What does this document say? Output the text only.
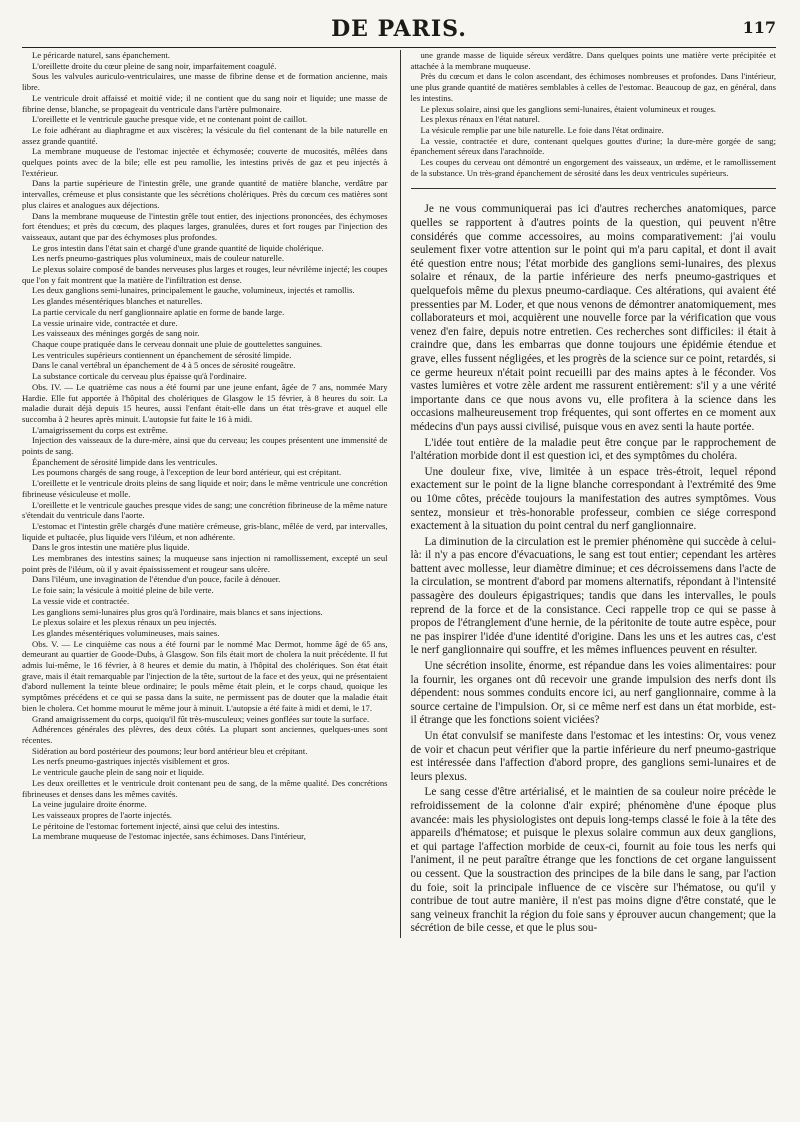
DE PARIS.	117

Le péricarde naturel, sans épanchement.

L'oreillette droite du cœur pleine de sang noir, imparfaitement coagulé.

Sous les valvules auriculo-ventriculaires, une masse de fibrine dense et de formation ancienne, mais libre.

Le ventricule droit affaissé et moitié vide; il ne contient que du sang noir et liquide; une masse de fibrine dense, blanche, se propageait du ventricule dans l'artère pulmonaire.

L'oreillette et le ventricule gauche presque vide, et ne contenant point de caillot.

Le foie adhérant au diaphragme et aux viscères; la vésicule du fiel contenant de la bile naturelle en assez grande quantité.

La membrane muqueuse de l'estomac injectée et échymosée; couverte de mucosités, mêlées dans quelques points avec de la bile; elle est peu ramollie, les intestins privés de gaz et peu injectés à l'extérieur.

Dans la partie supérieure de l'intestin grêle, une grande quantité de matière blanche, verdâtre par intervalles, crémeuse et plus consistante que les sécrétions cholériques. Près du cœcum ces matières sont plus claires et analogues aux déjections.

Dans la membrane muqueuse de l'intestin grêle tout entier, des injections prononcées, des échymoses fort étendues; et près du cœcum, des plaques larges, granulées, dures et fort rouges par l'injection des vaisseaux, autant que par des échymoses plus profondes.

Le gros intestin dans l'état sain et chargé d'une grande quantité de liquide cholérique.

Les nerfs pneumo-gastriques plus volumineux, mais de couleur naturelle.

Le plexus solaire composé de bandes nerveuses plus larges et rouges, leur névrilème injecté; les coupes que l'on y fait montrent que la matière de l'infiltration est dense.

Les deux ganglions semi-lunaires, principalement le gauche, volumineux, injectés et ramollis.

Les glandes mésentériques blanches et naturelles.

La partie cervicale du nerf ganglionnaire aplatie en forme de bande large.

La vessie urinaire vide, contractée et dure.

Les vaisseaux des méninges gorgés de sang noir.

Chaque coupe pratiquée dans le cerveau donnait une pluie de gouttelettes sanguines.

Les ventricules supérieurs contiennent un épanchement de sérosité limpide.

Dans le canal vertébral un épanchement de 4 à 5 onces de sérosité rougeâtre.

La substance corticale du cerveau plus épaisse qu'à l'ordinaire.

Obs. IV. — Le quatrième cas nous a été fourni par une jeune enfant, âgée de 7 ans, nommée Mary Hardie. Elle fut apportée à l'hôpital des cholériques de Glasgow le 15 février, à 8 heures du soir. La maladie durait déjà depuis 15 heures, aussi l'enfant était-elle dans un état très-grave et auquel elle succomba à 2 heures après minuit. L'autopsie fut faite le 16 à midi.

L'amaigrissement du corps est extrême.

Injection des vaisseaux de la dure-mère, ainsi que du cerveau; les coupes présentent une immensité de points de sang.

Épanchement de sérosité limpide dans les ventricules.

Les poumons chargés de sang rouge, à l'exception de leur bord antérieur, qui est crépitant.

L'oreillette et le ventricule droits pleins de sang liquide et noir; dans le même ventricule une concrétion fibrineuse vésiculeuse et molle.

L'oreillette et le ventricule gauches presque vides de sang; une concrétion fibrineuse de la même nature s'étendait du ventricule dans l'aorte.

L'estomac et l'intestin grêle chargés d'une matière crémeuse, gris-blanc, mêlée de verd, par intervalles, liquide et pultacée, plus liquide vers l'iléum, et non adhérente.

Dans le gros intestin une matière plus liquide.

Les membranes des intestins saines; la muqueuse sans injection ni ramollissement, excepté un seul point près de l'iléum, où il y avait épaississement et rougeur sans ulcère.

Dans l'iléum, une invagination de l'étendue d'un pouce, facile à dénouer.

Le foie sain; la vésicule à moitié pleine de bile verte.

La vessie vide et contractée.

Les ganglions semi-lunaires plus gros qu'à l'ordinaire, mais blancs et sans injections.

Le plexus solaire et les plexus rénaux un peu injectés.

Les glandes mésentériques volumineuses, mais saines.

Obs. V. — Le cinquième cas nous a été fourni par le nommé Mac Dermot, homme âgé de 65 ans, demeurant au quartier de Goode-Dubs, à Glasgow. Son fils était mort de cholera la nuit précédente. Il fut admis lui-même, le 16 février, à 8 heures et demie du matin, à l'hôpital des cholériques. Son état était grave, mais il était remarquable par l'injection de la tête, surtout de la face et des yeux, qui ne présentaient d'abord nullement la teinte bleue ordinaire; le pouls même était plein, et le corps chaud, quoique les symptômes précédens et ce qui se passa dans la suite, ne permissent pas de douter que la maladie était bien le cholera. Cet homme mourut le même jour à minuit. L'autopsie a été faite à midi et demi, le 17.

Grand amaigrissement du corps, quoiqu'il fût très-musculeux; veines gonflées sur toute la surface.

Adhérences générales des plèvres, des deux côtés. La plupart sont anciennes, quelques-unes sont récentes.

Sidération au bord postérieur des poumons; leur bord antérieur bleu et crépitant.

Les nerfs pneumo-gastriques injectés visiblement et gros.

Le ventricule gauche plein de sang noir et liquide.

Les deux oreillettes et le ventricule droit contenant peu de sang, de la même qualité. Des concrétions fibrineuses et denses dans les mêmes cavités.

La veine jugulaire droite énorme.

Les vaisseaux propres de l'aorte injectés.

Le péritoine de l'estomac fortement injecté, ainsi que celui des intestins.

La membrane muqueuse de l'estomac injectée, sans échimoses. Dans l'intérieur,

une grande masse de liquide séreux verdâtre. Dans quelques points une matière verte précipitée et attachée à la membrane muqueuse.

Près du cœcum et dans le colon ascendant, des échimoses nombreuses et profondes. Dans l'intérieur, une plus grande quantité de matières semblables à celles de l'estomac. Beaucoup de gaz, en général, dans les intestins.

Le plexus solaire, ainsi que les ganglions semi-lunaires, étaient volumineux et rouges.

Les plexus rénaux en l'état naturel.

La vésicule remplie par une bile naturelle. Le foie dans l'état ordinaire.

La vessie, contractée et dure, contenant quelques gouttes d'urine; la dure-mère gorgée de sang; épanchement séreux dans l'arachnoïde.

Les coupes du cerveau ont démontré un engorgement des vaisseaux, un œdème, et le ramollissement de la substance. Un très-grand épanchement de sérosité dans les deux ventricules supérieurs.

Je ne vous communiquerai pas ici d'autres recherches anatomiques, parce quelles se rapportent à d'autres points de la question, qui peuvent n'être considérés que comme accessoires, au moins comparativement: j'ai voulu seulement fixer votre attention sur le point qui m'a paru capital, et dont il avait été question entre nous; l'état morbide des ganglions semi-lunaires, des plexus solaire et rénaux, de la partie inférieure des nerfs pneumo-gastriques et quelquefois même du plexus pneumo-cardiaque. Ces altérations, qui avaient été pressenties par M. Loder, et que nous venons de démontrer anatomiquement, mes collaborateurs et moi, acquièrent une nouvelle force par la vérification que vous venez d'en faire, depuis notre entretien. Ces recherches sont difficiles: il était à craindre que, dans les embarras que donne toujours une épidémie étendue et grave, elles fussent négligées, et les progrès de la science sur ce point, retardés, si ce germe heureux n'était point recueilli par des mains aptes à le féconder. Vos vastes lumières et votre zèle ardent me rassurent entièrement: s'il y a une vérité importante dans ce que nous avons vu, elle profitera à la science dans les occasions malheureusement trop fréquentes, qui sont offertes en ce moment aux médecins d'un pays aussi civilisé, puisque vous en avez senti la haute portée.

L'idée tout entière de la maladie peut être conçue par le rapprochement de l'altération morbide dont il est question ici, et des symptômes du choléra.

Une douleur fixe, vive, limitée à un espace très-étroit, lequel répond exactement sur le point de la ligne blanche correspondant à l'extrémité des 9me ou 10me côtes, précède toujours la manifestation des autres symptômes. Vous sentez, monsieur et très-honorable professeur, combien ce siége correspond exactement à la situation du point central du nerf ganglionnaire.

La diminution de la circulation est le premier phénomène qui succède à celui-là: il n'y a pas encore d'évacuations, le sang est tout entier; cependant les artères battent avec mollesse, leur diamètre diminue; et ces décroissemens dans l'acte de la circulation, se montrent d'abord par momens alternatifs, répondant à l'intensité passagère des douleurs épigastriques; tandis que dans les intervalles, le pouls reprend de la force et de la consistance. Ceci rappelle trop ce qui se passe à propos de l'étranglement d'une hernie, de la péritonite de toute autre espèce, pour ne pas inspirer l'idée d'une identité d'origine. Dans les uns et les autres cas, c'est le nerf ganglionnaire qui souffre, et les mêmes influences peuvent en résulter.

Une sécrétion insolite, énorme, est répandue dans les voies alimentaires: pour la fournir, les organes ont dû recevoir une grande impulsion des nerfs dont ils dépendent: nous sommes conduits encore ici, au nerf ganglionnaire, comme à la source certaine de l'impulsion. Or, si ce même nerf est dans un état morbide, est-il étrange que les fonctions soient viciées?

Un état convulsif se manifeste dans l'estomac et les intestins: Or, vous venez de voir et chacun peut vérifier que la partie inférieure du nerf pneumo-gastrique est intéressée dans l'affection d'abord propre, des ganglions semi-lunaires et de leurs plexus.

Le sang cesse d'être artérialisé, et le maintien de sa couleur noire précède le refroidissement de la colonne d'air expiré; phénomène d'une époque plus avancée: mais les physiologistes ont depuis long-temps classé le foie à la tête des appareils d'hématose; et puisque le plexus solaire commun aux deux ganglions, et qui partage l'affection morbide de ceux-ci, fournit au foie tous les nerfs qui l'animent, il ne peut paraître étrange que les fonctions de cet organe languissent ou cessent. Que la soustraction des principes de la bile dans le sang, par l'action du foie, soit la principale influence de ce viscère sur l'hématose, ou qu'il y contribue de tout autre manière, il n'est pas moins digne d'être constaté, que le sang veineux franchit la région du foie sans y éprouver aucun changement; que la sécrétion de bile cesse, et que le plus sou-
